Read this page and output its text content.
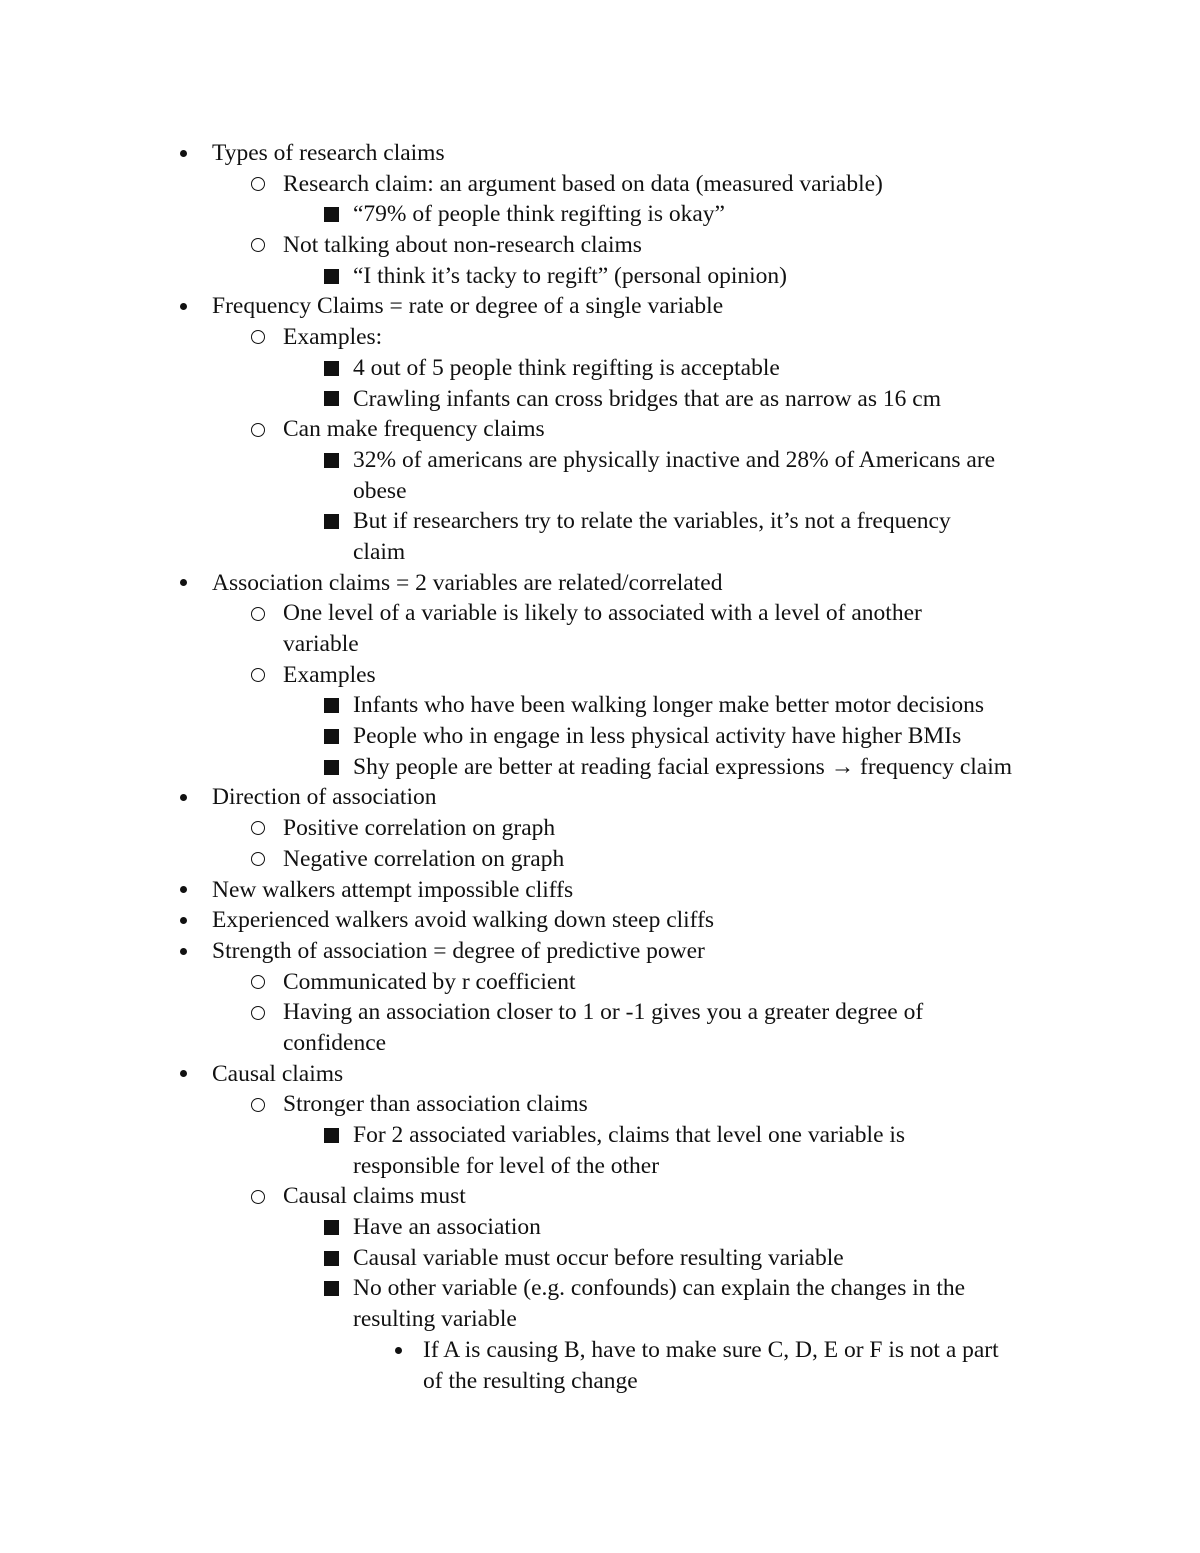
Types of research claims
Research claim: an argument based on data (measured variable)
“79% of people think regifting is okay”
Not talking about non-research claims
“I think it’s tacky to regift” (personal opinion)
Frequency Claims = rate or degree of a single variable
Examples:
4 out of 5 people think regifting is acceptable
Crawling infants can cross bridges that are as narrow as 16 cm
Can make frequency claims
32% of americans are physically inactive and 28% of Americans are
obese
But if researchers try to relate the variables, it’s not a frequency
claim
Association claims = 2 variables are related/correlated
One level of a variable is likely to associated with a level of another
variable
Examples
Infants who have been walking longer make better motor decisions
People who in engage in less physical activity have higher BMIs
Shy people are better at reading facial expressions → frequency claim
Direction of association
Positive correlation on graph
Negative correlation on graph
New walkers attempt impossible cliffs
Experienced walkers avoid walking down steep cliffs
Strength of association = degree of predictive power
Communicated by r coefficient
Having an association closer to 1 or -1 gives you a greater degree of
confidence
Causal claims
Stronger than association claims
For 2 associated variables, claims that level one variable is
responsible for level of the other
Causal claims must
Have an association
Causal variable must occur before resulting variable
No other variable (e.g. confounds) can explain the changes in the
resulting variable
If A is causing B, have to make sure C, D, E or F is not a part
of the resulting change
